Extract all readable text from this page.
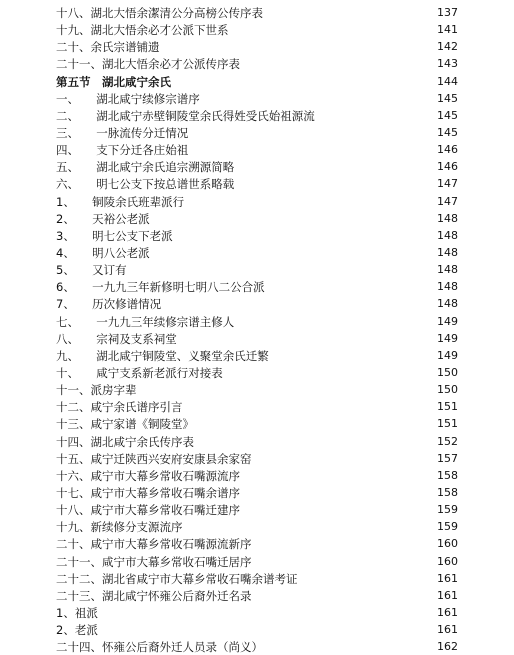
十八、湖北大悟余潔清公分高榜公传序表	137
十九、湖北大悟余必才公派下世系	141
二十、余氏宗谱铺遗	142
二十一、湖北大悟余必才公派传序表	143
第五节　湖北咸宁余氏	144
一、　　湖北咸宁续修宗谱序	145
二、　　湖北咸宁赤壁铜陵堂余氏得姓受氏始祖源流	145
三、　　一脉流传分迁情况	145
四、　　支下分迁各庄始祖	146
五、　　湖北咸宁余氏追宗溯源简略	146
六、　　明七公支下按总谱世系略载	147
1、　　铜陵余氏班辈派行	147
2、　　天裕公老派	148
3、　　明七公支下老派	148
4、　　明八公老派	148
5、　　又订有	148
6、　　一九九三年新修明七明八二公合派	148
7、　　历次修谱情况	148
七、　　一九九三年续修宗谱主修人	149
八、　　宗祠及支系祠堂	149
九、　　湖北咸宁铜陵堂、义聚堂余氏迁繁	149
十、　　咸宁支系新老派行对接表	150
十一、派房字辈	150
十二、咸宁余氏谱序引言	151
十三、咸宁家谱《铜陵堂》	151
十四、湖北咸宁余氏传序表	152
十五、咸宁迁陕西兴安府安康县余家窑	157
十六、咸宁市大幕乡常收石嘴源流序	158
十七、咸宁市大幕乡常收石嘴余谱序	158
十八、咸宁市大幕乡常收石嘴迁建序	159
十九、新续修分支源流序	159
二十、咸宁市大幕乡常收石嘴源流新序	160
二十一、咸宁市大幕乡常收石嘴迁居序	160
二十二、湖北省咸宁市大幕乡常收石嘴余谱考证	161
二十三、湖北咸宁怀雍公后裔外迁名录	161
1、祖派	161
2、老派	161
二十四、怀雍公后裔外迁人员录（尚义）	162
